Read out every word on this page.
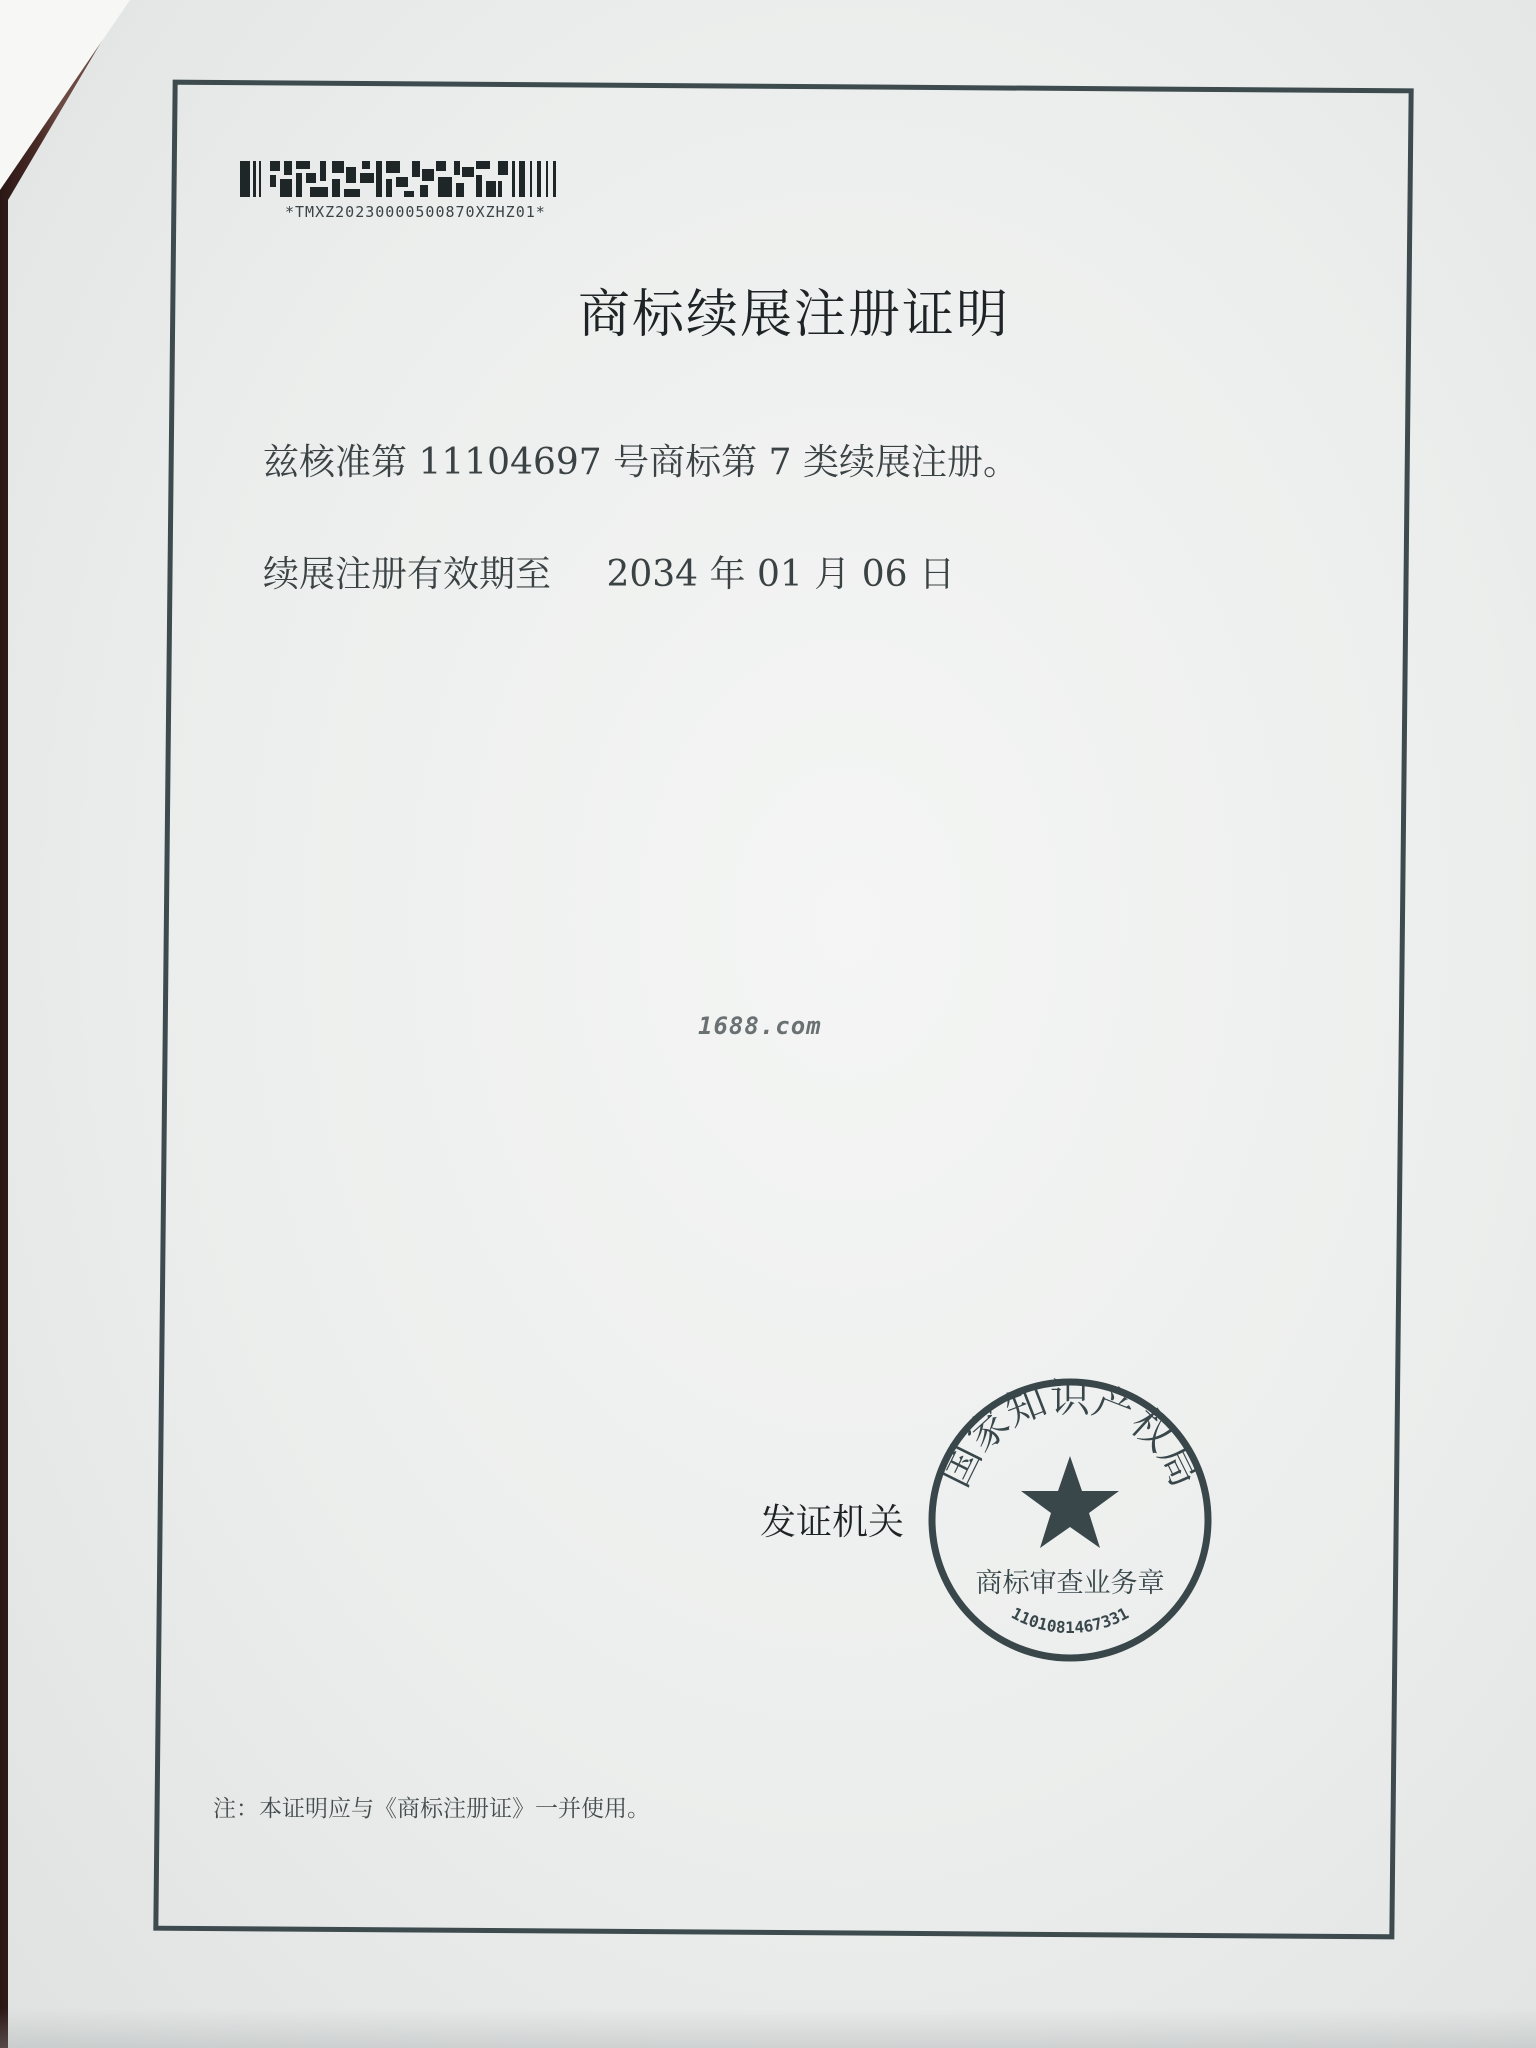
*TMXZ20230000500870XZHZ01*
商标续展注册证明
兹核准第 11104697 号商标第 7 类续展注册。
续展注册有效期至 2034 年 01 月 06 日
1688.com
发证机关
国家知识产权局
商标审查业务章
1101081467331
注：本证明应与《商标注册证》一并使用。
